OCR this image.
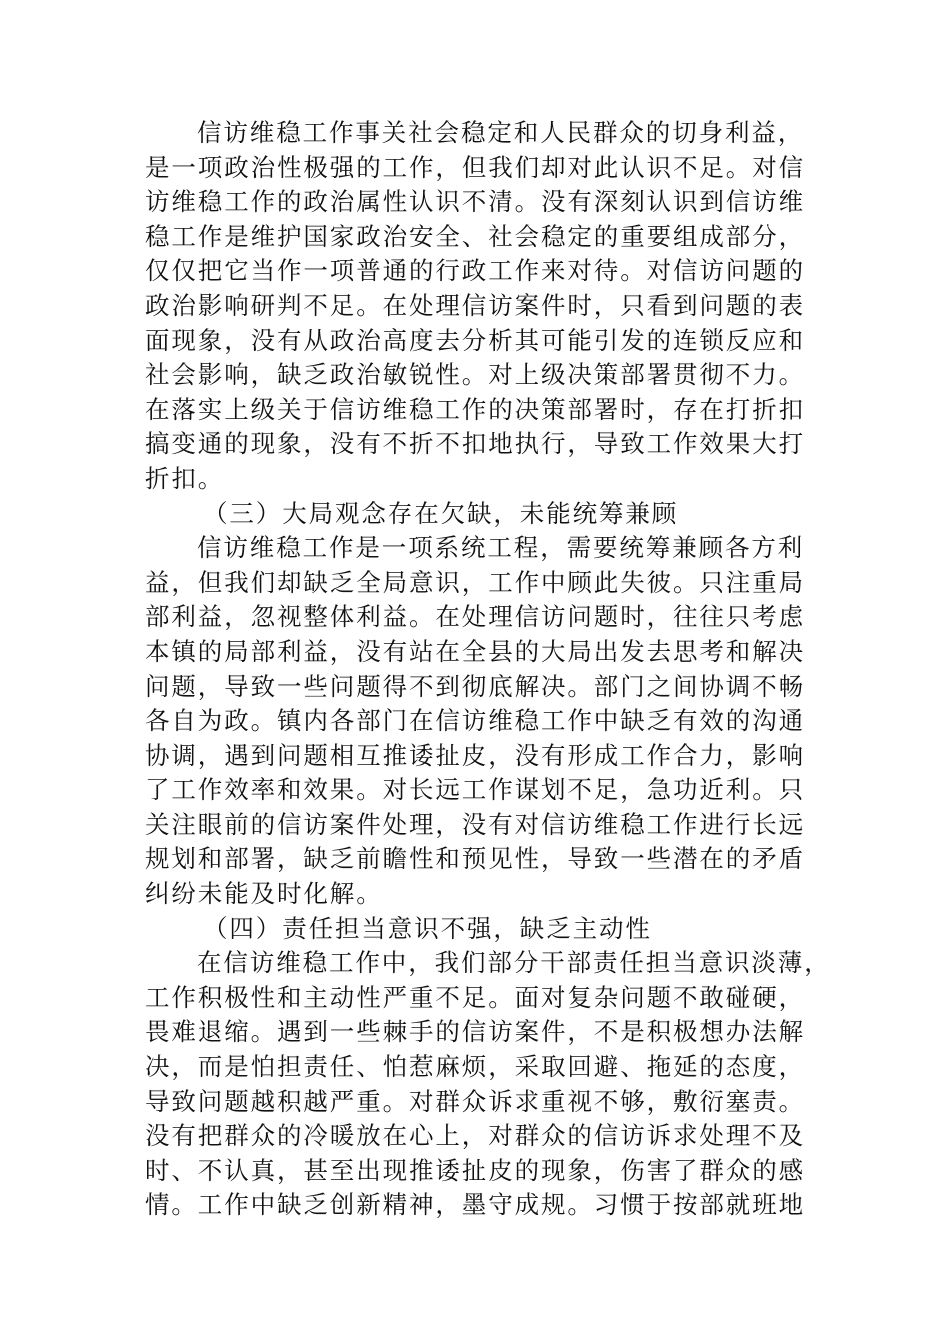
信访维稳工作事关社会稳定和人民群众的切身利益，
是一项政治性极强的工作，但我们却对此认识不足。对信
访维稳工作的政治属性认识不清。没有深刻认识到信访维
稳工作是维护国家政治安全、社会稳定的重要组成部分，
仅仅把它当作一项普通的行政工作来对待。对信访问题的
政治影响研判不足。在处理信访案件时，只看到问题的表
面现象，没有从政治高度去分析其可能引发的连锁反应和
社会影响，缺乏政治敏锐性。对上级决策部署贯彻不力。
在落实上级关于信访维稳工作的决策部署时，存在打折扣
搞变通的现象，没有不折不扣地执行，导致工作效果大打
折扣。
（三）大局观念存在欠缺，未能统筹兼顾
信访维稳工作是一项系统工程，需要统筹兼顾各方利
益，但我们却缺乏全局意识，工作中顾此失彼。只注重局
部利益，忽视整体利益。在处理信访问题时，往往只考虑
本镇的局部利益，没有站在全县的大局出发去思考和解决
问题，导致一些问题得不到彻底解决。部门之间协调不畅
各自为政。镇内各部门在信访维稳工作中缺乏有效的沟通
协调，遇到问题相互推诿扯皮，没有形成工作合力，影响
了工作效率和效果。对长远工作谋划不足，急功近利。只
关注眼前的信访案件处理，没有对信访维稳工作进行长远
规划和部署，缺乏前瞻性和预见性，导致一些潜在的矛盾
纠纷未能及时化解。
（四）责任担当意识不强，缺乏主动性
在信访维稳工作中，我们部分干部责任担当意识淡薄，
工作积极性和主动性严重不足。面对复杂问题不敢碰硬，
畏难退缩。遇到一些棘手的信访案件，不是积极想办法解
决，而是怕担责任、怕惹麻烦，采取回避、拖延的态度，
导致问题越积越严重。对群众诉求重视不够，敷衍塞责。
没有把群众的冷暖放在心上，对群众的信访诉求处理不及
时、不认真，甚至出现推诿扯皮的现象，伤害了群众的感
情。工作中缺乏创新精神，墨守成规。习惯于按部就班地
